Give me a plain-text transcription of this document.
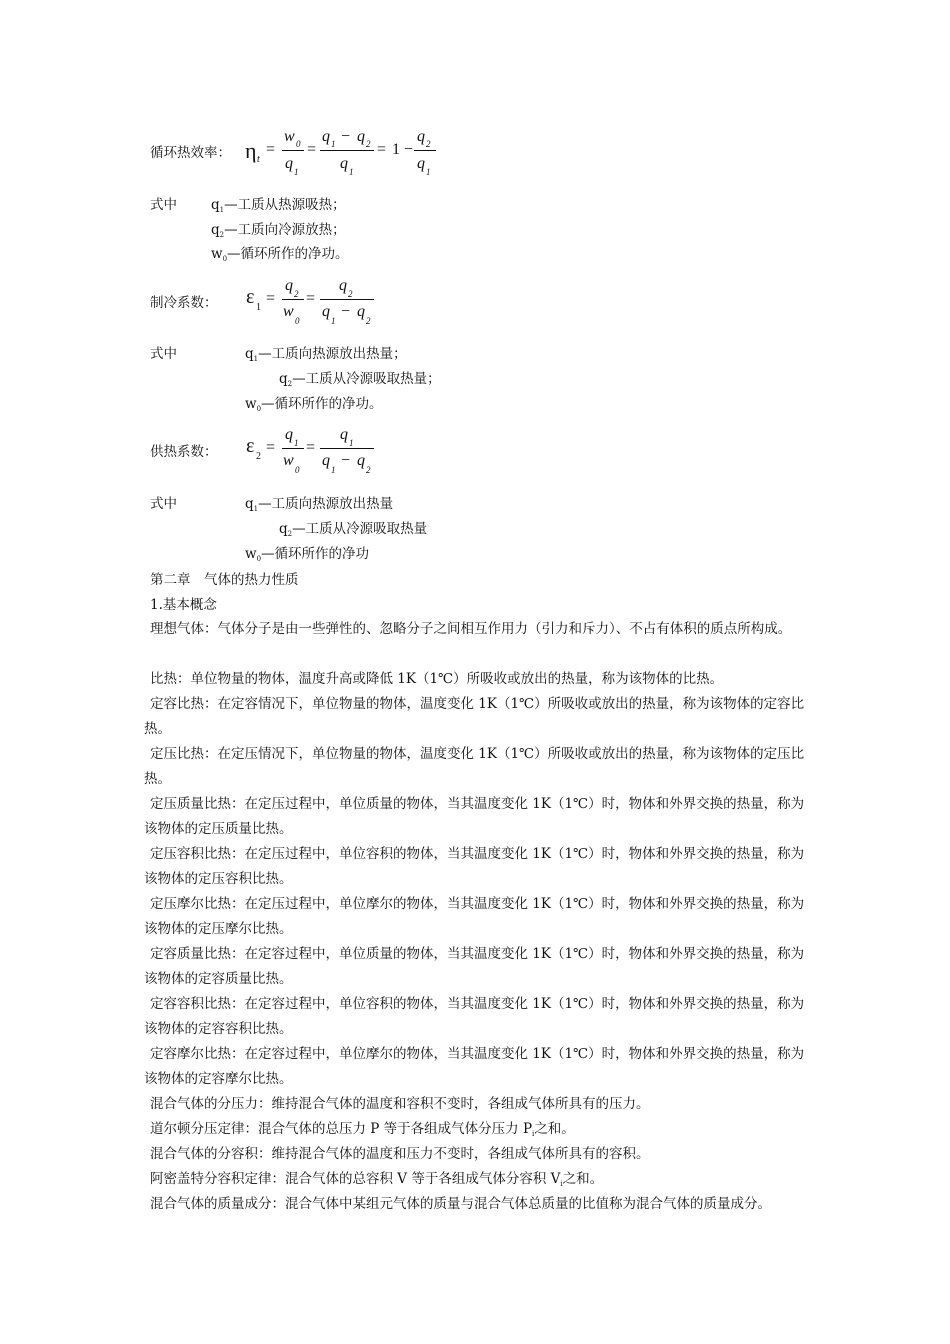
循环热效率： η t
=
w 0
q 1
=
q 1 − q 2
q 1
= 1 −
q 2
q 1
式中	$q_1—$工质从热源吸热；
$q_2—$工质向冷源放热；
$w_0—$循环所作的净功。
制冷系数： ε 1
=
q 2
w
0
=
q 2
q
1
− q
2
式中	$q_1—$工质向热源放出热量；
$q_2—$工质从冷源吸取热量；
$w_0—$循环所作的净功。
供热系数： ε 2
=
q 1
w
0
=
q 1
q
1
− q
2
式中	$q_1—$工质向热源放出热量
$q_2—$工质从冷源吸取热量
$w_0—$循环所作的净功
第二章　气体的热力性质
1.基本概念
理想气体：气体分子是由一些弹性的、忽略分子之间相互作用力（引力和斥力）、不占有体积的质点所构成。
比热：单位物量的物体，温度升高或降低 1K（1℃）所吸收或放出的热量，称为该物体的比热。
定容比热：在定容情况下，单位物量的物体，温度变化 1K（1℃）所吸收或放出的热量，称为该物体的定容比热。
定压比热：在定压情况下，单位物量的物体，温度变化 1K（1℃）所吸收或放出的热量，称为该物体的定压比热。
定压质量比热：在定压过程中，单位质量的物体，当其温度变化 1K（1℃）时，物体和外界交换的热量，称为该物体的定压质量比热。
定压容积比热：在定压过程中，单位容积的物体，当其温度变化 1K（1℃）时，物体和外界交换的热量，称为该物体的定压容积比热。
定压摩尔比热：在定压过程中，单位摩尔的物体，当其温度变化 1K（1℃）时，物体和外界交换的热量，称为该物体的定压摩尔比热。
定容质量比热：在定容过程中，单位质量的物体，当其温度变化 1K（1℃）时，物体和外界交换的热量，称为该物体的定容质量比热。
定容容积比热：在定容过程中，单位容积的物体，当其温度变化 1K（1℃）时，物体和外界交换的热量，称为该物体的定容容积比热。
定容摩尔比热：在定容过程中，单位摩尔的物体，当其温度变化 1K（1℃）时，物体和外界交换的热量，称为该物体的定容摩尔比热。
混合气体的分压力：维持混合气体的温度和容积不变时，各组成气体所具有的压力。
道尔顿分压定律：混合气体的总压力 P 等于各组成气体分压力 $P_i$之和。
混合气体的分容积：维持混合气体的温度和压力不变时，各组成气体所具有的容积。
阿密盖特分容积定律：混合气体的总容积 V 等于各组成气体分容积 $V_i$之和。
混合气体的质量成分：混合气体中某组元气体的质量与混合气体总质量的比值称为混合气体的质量成分。
